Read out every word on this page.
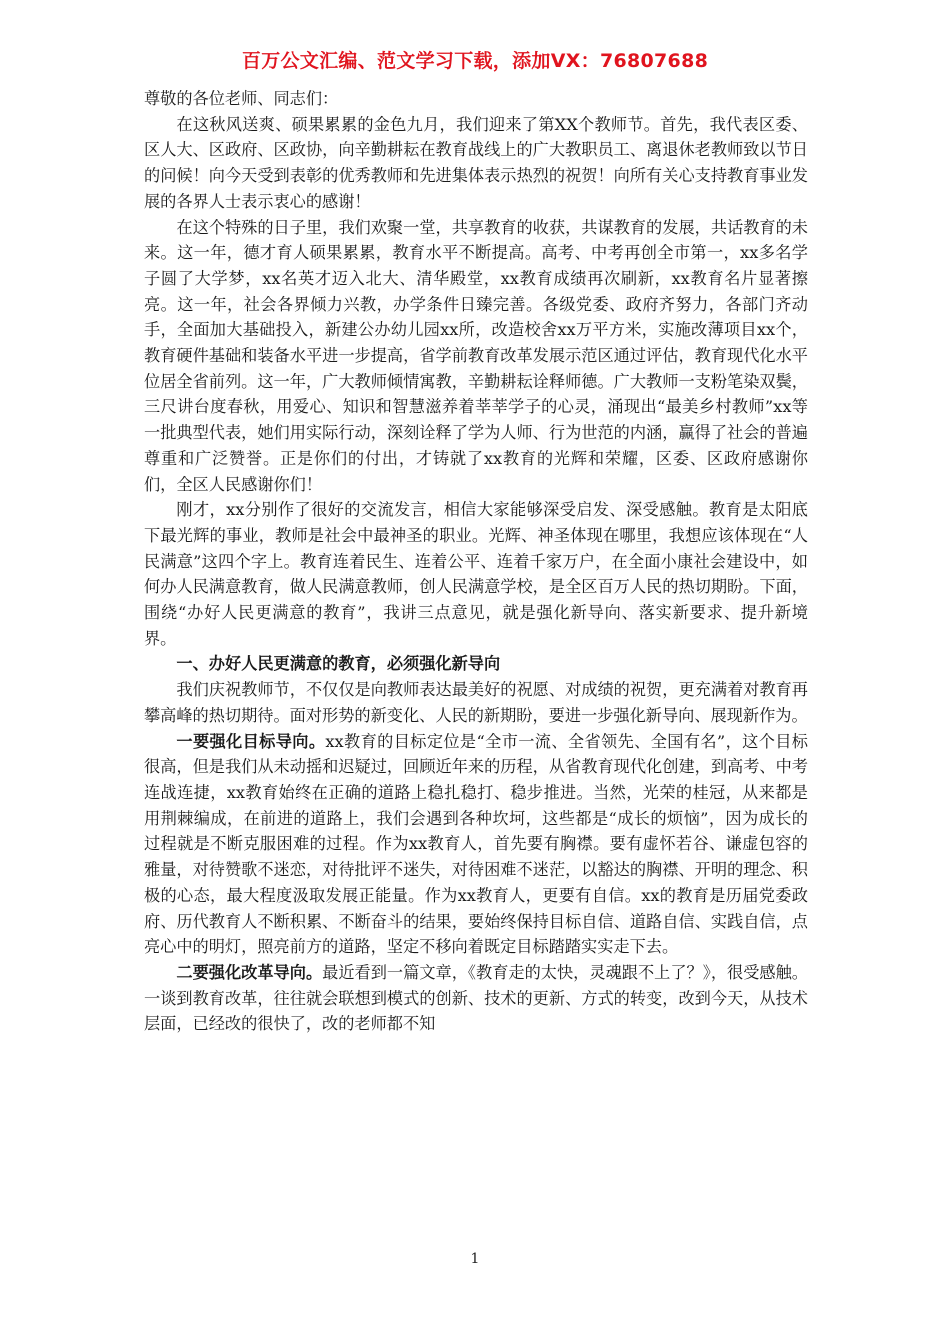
百万公文汇编、范文学习下载，添加VX：76807688

尊敬的各位老师、同志们：

在这秋风送爽、硕果累累的金色九月，我们迎来了第XX个教师节。首先，我代表区委、区人大、区政府、区政协，向辛勤耕耘在教育战线上的广大教职员工、离退休老教师致以节日的问候！向今天受到表彰的优秀教师和先进集体表示热烈的祝贺！向所有关心支持教育事业发展的各界人士表示衷心的感谢！

在这个特殊的日子里，我们欢聚一堂，共享教育的收获，共谋教育的发展，共话教育的未来。这一年，德才育人硕果累累，教育水平不断提高。高考、中考再创全市第一，xx多名学子圆了大学梦，xx名英才迈入北大、清华殿堂，xx教育成绩再次刷新，xx教育名片显著擦亮。这一年，社会各界倾力兴教，办学条件日臻完善。各级党委、政府齐努力，各部门齐动手，全面加大基础投入，新建公办幼儿园xx所，改造校舍xx万平方米，实施改薄项目xx个，教育硬件基础和装备水平进一步提高，省学前教育改革发展示范区通过评估，教育现代化水平位居全省前列。这一年，广大教师倾情寓教，辛勤耕耘诠释师德。广大教师一支粉笔染双鬓，三尺讲台度春秋，用爱心、知识和智慧滋养着莘莘学子的心灵，涌现出“最美乡村教师”xx等一批典型代表，她们用实际行动，深刻诠释了学为人师、行为世范的内涵，赢得了社会的普遍尊重和广泛赞誉。正是你们的付出，才铸就了xx教育的光辉和荣耀，区委、区政府感谢你们，全区人民感谢你们！

刚才，xx分别作了很好的交流发言，相信大家能够深受启发、深受感触。教育是太阳底下最光辉的事业，教师是社会中最神圣的职业。光辉、神圣体现在哪里，我想应该体现在“人民满意”这四个字上。教育连着民生、连着公平、连着千家万户，在全面小康社会建设中，如何办人民满意教育，做人民满意教师，创人民满意学校，是全区百万人民的热切期盼。下面，围绕“办好人民更满意的教育”，我讲三点意见，就是强化新导向、落实新要求、提升新境界。

一、办好人民更满意的教育，必须强化新导向

我们庆祝教师节，不仅仅是向教师表达最美好的祝愿、对成绩的祝贺，更充满着对教育再攀高峰的热切期待。面对形势的新变化、人民的新期盼，要进一步强化新导向、展现新作为。

一要强化目标导向。xx教育的目标定位是“全市一流、全省领先、全国有名”，这个目标很高，但是我们从未动摇和迟疑过，回顾近年来的历程，从省教育现代化创建，到高考、中考连战连捷，xx教育始终在正确的道路上稳扎稳打、稳步推进。当然，光荣的桂冠，从来都是用荆棘编成，在前进的道路上，我们会遇到各种坎坷，这些都是“成长的烦恼”，因为成长的过程就是不断克服困难的过程。作为xx教育人，首先要有胸襟。要有虚怀若谷、谦虚包容的雅量，对待赞歌不迷恋，对待批评不迷失，对待困难不迷茫，以豁达的胸襟、开明的理念、积极的心态，最大程度汲取发展正能量。作为xx教育人，更要有自信。xx的教育是历届党委政府、历代教育人不断积累、不断奋斗的结果，要始终保持目标自信、道路自信、实践自信，点亮心中的明灯，照亮前方的道路，坚定不移向着既定目标踏踏实实走下去。

二要强化改革导向。最近看到一篇文章，《教育走的太快，灵魂跟不上了？》，很受感触。一谈到教育改革，往往就会联想到模式的创新、技术的更新、方式的转变，改到今天，从技术层面，已经改的很快了，改的老师都不知

1
